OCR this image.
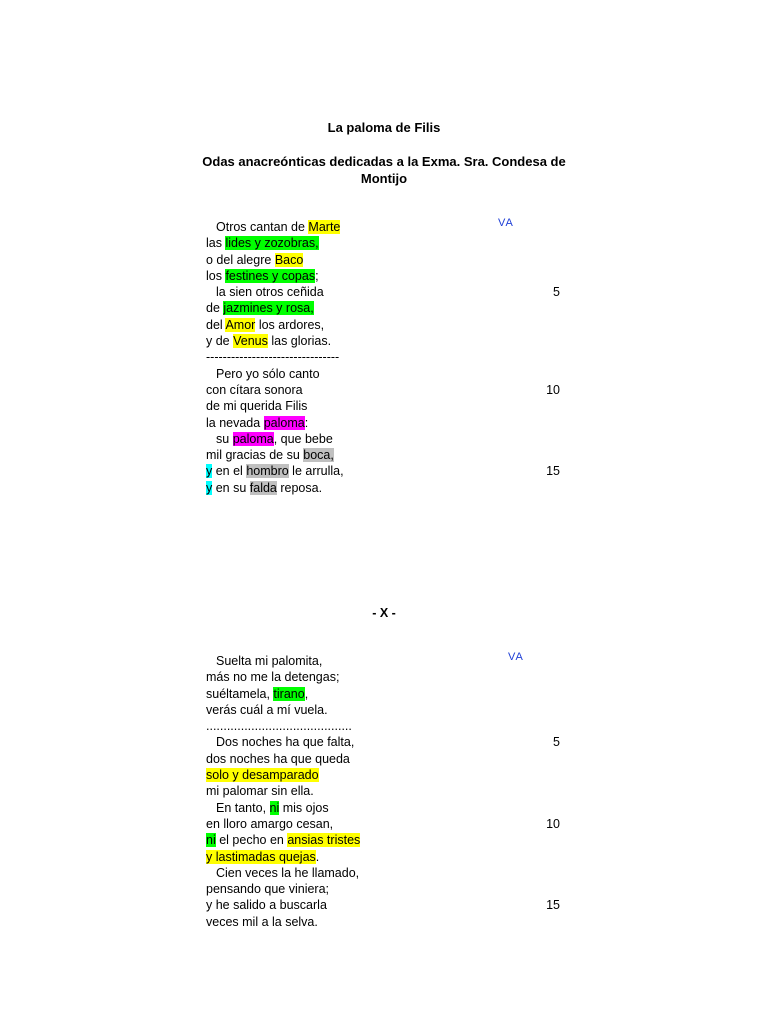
La paloma de Filis
Odas anacreónticas dedicadas a la Exma. Sra. Condesa de Montijo
VA
Otros cantan de Marte
las lides y zozobras,
o del alegre Baco
los festines y copas;
la sien otros ceñida	5
de jazmines y rosa,
del Amor los ardores,
y de Venus las glorias.
--------------------------------
Pero yo sólo canto
con cítara sonora	10
de mi querida Filis
la nevada paloma:
su paloma, que bebe
mil gracias de su boca,
y en el hombro le arrulla,	15
y en su falda reposa.
- X -
VA
Suelta mi palomita,
más no me la detengas;
suéltamela, tirano,
verás cuál a mí vuela.
..........................................
Dos noches ha que falta,	5
dos noches ha que queda
solo y desamparado
mi palomar sin ella.
En tanto, ni mis ojos
en lloro amargo cesan,	10
ni el pecho en ansias tristes
y lastimadas quejas.
Cien veces la he llamado,
pensando que viniera;
y he salido a buscarla	15
veces mil a la selva.
